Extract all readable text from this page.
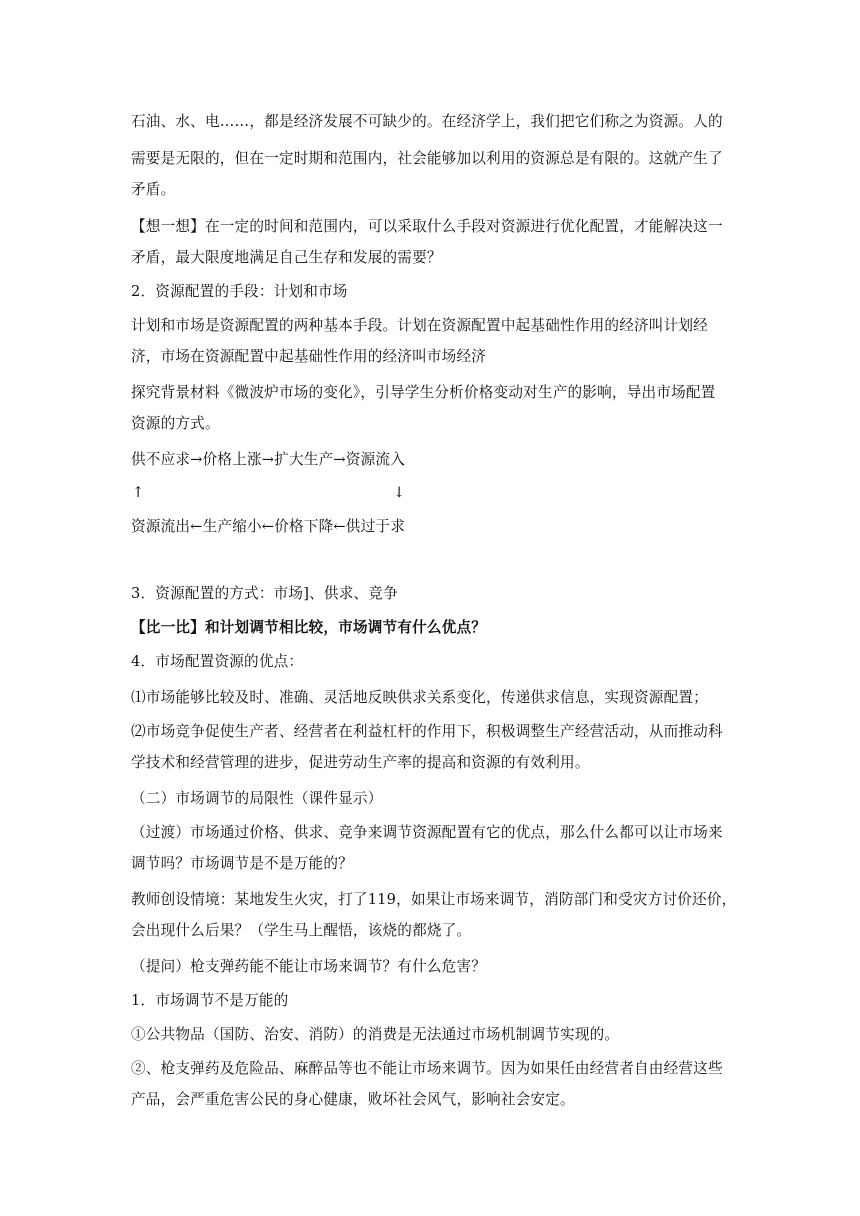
石油、水、电……，都是经济发展不可缺少的。在经济学上，我们把它们称之为资源。人的
需要是无限的，但在一定时期和范围内，社会能够加以利用的资源总是有限的。这就产生了
矛盾。
【想一想】在一定的时间和范围内，可以采取什么手段对资源进行优化配置，才能解决这一
矛盾，最大限度地满足自己生存和发展的需要？
2．资源配置的手段：计划和市场
计划和市场是资源配置的两种基本手段。计划在资源配置中起基础性作用的经济叫计划经
济，市场在资源配置中起基础性作用的经济叫市场经济
探究背景材料《微波炉市场的变化》，引导学生分析价格变动对生产的影响，导出市场配置
资源的方式。
供不应求→价格上涨→扩大生产→资源流入
↑	↓
资源流出←生产缩小←价格下降←供过于求
3．资源配置的方式：市场]、供求、竞争
【比一比】和计划调节相比较，市场调节有什么优点？
4．市场配置资源的优点：
⑴市场能够比较及时、准确、灵活地反映供求关系变化，传递供求信息，实现资源配置；
⑵市场竞争促使生产者、经营者在利益杠杆的作用下，积极调整生产经营活动，从而推动科
学技术和经营管理的进步，促进劳动生产率的提高和资源的有效利用。
（二）市场调节的局限性（课件显示）
（过渡）市场通过价格、供求、竞争来调节资源配置有它的优点，那么什么都可以让市场来
调节吗？市场调节是不是万能的？
教师创设情境：某地发生火灾，打了119，如果让市场来调节，消防部门和受灾方讨价还价，
会出现什么后果？（学生马上醒悟，该烧的都烧了。
（提问）枪支弹药能不能让市场来调节？有什么危害？
1．市场调节不是万能的
①公共物品（国防、治安、消防）的消费是无法通过市场机制调节实现的。
②、枪支弹药及危险品、麻醉品等也不能让市场来调节。因为如果任由经营者自由经营这些
产品，会严重危害公民的身心健康，败坏社会风气，影响社会安定。
